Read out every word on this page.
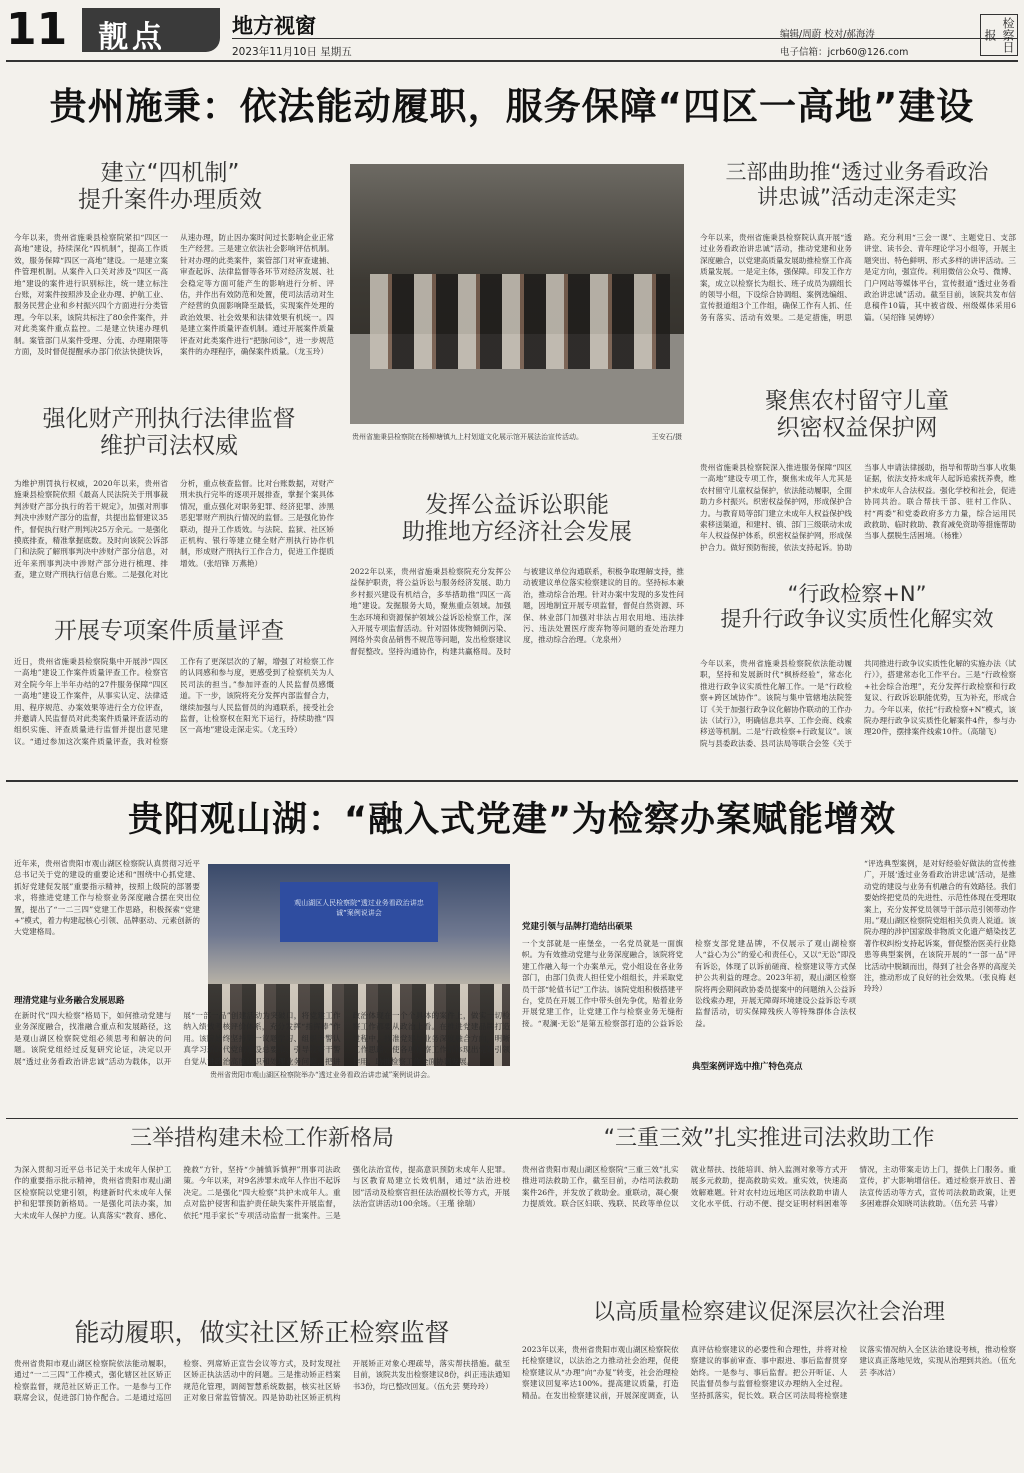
11	靓点	地方视窗
2023年11月10日 星期五
编辑/周蔚 校对/郝海涛
电子信箱：jcrb60@126.com	检察日报
贵州施秉：依法能动履职，服务保障“四区一高地”建设
建立“四机制”
提升案件办理质效
今年以来，贵州省施秉县检察院紧扣“四区一高地”建设，持续深化“四机制”，提高工作质效，服务保障“四区一高地”建设。一是建立案件管理机制。从案件入口关对涉及“四区一高地”建设的案件进行识别标注，统一建立标注台账，对案件按照涉及企业办理、护航工业、服务民营企业和乡村振兴四个方面进行分类管理。今年以来，该院共标注了80余件案件，并对此类案件重点监控。二是建立快速办理机制。案管部门从案件受理、分流、办理期限等方面，及时督促提醒承办部门依法快捷快诉，从速办理，防止因办案时间过长影响企业正常生产经营。三是建立依法社会影响评估机制。针对办理的此类案件，案管部门对审查逮捕、审查起诉、法律监督等各环节对经济发展、社会稳定等方面可能产生的影响进行分析、评估，并作出有效防范和处置，使司法活动对生产经营的负面影响降至最低，实现案件处理的政治效果、社会效果和法律效果有机统一。四是建立案件质量评查机制。通过开展案件质量评查对此类案件进行“把脉问诊”，进一步规范案件的办理程序，确保案件质量。（龙玉玲）
强化财产刑执行法律监督
维护司法权威
为维护刑罚执行权威，2020年以来，贵州省施秉县检察院依照《最高人民法院关于刑事裁判涉财产部分执行的若干规定》，加强对刑事判决中涉财产部分的监督，共提出监督建议35件，督促执行财产刑判决25万余元。一是强化摸底排查，精准掌握底数。及时向该院公诉部门和法院了解刑事判决中涉财产部分信息，对近年来刑事判决中涉财产部分进行梳理、排查，建立财产刑执行信息台账。二是强化对比分析，重点核查监督。比对台账数据，对财产刑未执行完毕的逐项开展排查，掌握个案具体情况，重点强化对职务犯罪、经济犯罪、涉黑恶犯罪财产刑执行情况的监督。三是强化协作联动，提升工作质效。与法院、监狱、社区矫正机构、银行等建立健全财产刑执行协作机制，形成财产刑执行工作合力，促进工作提质增效。（张绍锋 万燕艳）
开展专项案件质量评查
近日，贵州省施秉县检察院集中开展涉“四区一高地”建设工作案件质量评查工作。检察官对全院今年上半年办结的27件服务保障“四区一高地”建设工作案件，从事实认定、法律适用、程序规范、办案效果等进行全方位评查，并邀请人民监督员对此类案件质量评查活动的组织实施、评查质量进行监督并提出意见建议。“通过参加这次案件质量评查，我对检察工作有了更深层次的了解，增强了对检察工作的认同感和参与度，更感受到了检察机关为人民司法的担当。”参加评查的人民监督员感慨道。下一步，该院将充分发挥内部监督合力，继续加强与人民监督员的沟通联系，接受社会监督，让检察权在阳光下运行，持续助推“四区一高地”建设走深走实。（龙玉玲）
贵州省施秉县检察院在杨柳塘镇九上村划道文化展示馆开展法治宣传活动。	王安石/摄
发挥公益诉讼职能
助推地方经济社会发展
2022年以来，贵州省施秉县检察院充分发挥公益保护职责，将公益诉讼与服务经济发展、助力乡村振兴建设有机结合，多举措助推“四区一高地”建设。发掘服务大局，聚焦重点领域。加强生态环境和资源保护领域公益诉讼检察工作，深入开展专项监督活动。针对固体废物倾倒污染、网络外卖食品销售不规范等问题，发出检察建议督促整改。坚持沟通协作，构建共赢格局。及时与被建议单位沟通联系，积极争取理解支持，推动被建议单位落实检察建议的目的。坚持标本兼治，推动综合治理。针对办案中发现的多发性问题，因地制宜开展专项监督，督促自然资源、环保、林业部门加强对非法占用农用地、违法排污、违法处置医疗废弃物等问题的查处治理力度，推动综合治理。（龙泉州）
三部曲助推“透过业务看政治
讲忠诚”活动走深走实
今年以来，贵州省施秉县检察院认真开展“透过业务看政治讲忠诚”活动，推动党建和业务深度融合，以党建高质量发展助推检察工作高质量发展。一是定主体，强保障。印发工作方案，成立以检察长为组长、班子成员为副组长的领导小组，下设综合协调组、案例选编组、宣传报道组3个工作组，确保工作有人抓、任务有落实、活动有效果。二是定措施，明思路。充分利用“三会一课”、主题党日、支部讲堂、读书会、青年理论学习小组等，开展主题突出、特色鲜明、形式多样的讲评活动。三是定方向，强宣传。利用微信公众号、微博、门户网站等媒体平台，宣传报道“透过业务看政治讲忠诚”活动。截至目前，该院共发布信息稿件10篇，其中被省级、州级媒体采用6篇。（吴绍锋 吴娉婷）
聚焦农村留守儿童
织密权益保护网
贵州省施秉县检察院深入推进服务保障“四区一高地”建设专项工作，聚焦未成年人尤其是农村留守儿童权益保护，依法能动履职，全面助力乡村振兴。织密权益保护网，形成保护合力。与教育局等部门建立未成年人权益保护线索移送渠道，和建村、镇、部门三级联动未成年人权益保护体系，织密权益保护网，形成保护合力。做好预防衔接，依法支持起诉。协助当事人申请法律援助，指导和帮助当事人收集证据，依法支持未成年人起诉追索抚养费，维护未成年人合法权益。强化学校和社会，促进协同共治。联合帮扶干部、驻村工作队、村“两委”和党委政府多方力量，综合运用民政救助、临时救助、教育减免资助等措施帮助当事人摆脱生活困境。（杨雅）
“行政检察+N”
提升行政争议实质性化解实效
今年以来，贵州省施秉县检察院依法能动履职，坚持和发展新时代“枫桥经验”，常态化推进行政争议实质性化解工作。一是“行政检察+跨区域协作”。该院与集中管辖地法院签订《关于加强行政争议化解协作联动的工作办法（试行）》，明确信息共享、工作会商、线索移送等机制。二是“行政检察+行政复议”。该院与县委政法委、县司法局等联合会签《关于共同推进行政争议实质性化解的实施办法（试行）》，搭建常态化工作平台。三是“行政检察+社会综合治理”，充分发挥行政检察和行政复议、行政诉讼职能优势，互为补充，形成合力。今年以来，依托“行政检察+N”模式，该院办理行政争议实质性化解案件4件，参与办理20件，摆排案件线索10件。（高瑞飞）
贵阳观山湖：“融入式党建”为检察办案赋能增效
近年来，贵州省贵阳市观山湖区检察院认真贯彻习近平总书记关于党的建设的重要论述和“围绕中心抓党建、抓好党建促发展”重要指示精神，按照上级院的部署要求，将推进党建工作与检察业务深度融合摆在突出位置，提出了“一二三四”党建工作思路，积极探索“党建+”模式，着力构建起核心引领、品牌驱动、元素创新的大党建格局。
理清党建与业务融合发展思路
观山湖区人民检察院“透过业务看政治讲忠诚”案例说讲会
贵州省贵阳市观山湖区检察院举办“透过业务看政治讲忠诚”案例说讲会。
在新时代“四大检察”格局下，如何推动党建与业务深度融合，找准融合重点和发展路径，这是观山湖区检察院党组必须思考和解决的问题。该院党组经过反复研究论证，决定以开展“透过业务看政治讲忠诚”活动为载体，以开展“一部一品”创建活动为突破口，将党建工作纳入绩效考核评价体系，充分发挥“指挥棒”作用。该院始终坚持第一议题学习、组织干警认真学习新时代党的建设总要求，引导检察干警自觉从讲政治高度认识和处理业务问题，把讲政治体现在一个个具体的案件上，做实一切检察工作都要从政治上看。在推进党建品牌打造过程中，找准党建与业务深度融合方向，明晰工作思路，使各项检察工作都体现出党建引领作用，助推检察工作全面协调发展。
党建引领与品牌打造结出硕果
一个支部就是一座堡垒，一名党员就是一面旗帜。为有效推动党建与业务深度融合，该院将党建工作融入每一个办案单元，党小组设在各业务部门，由部门负责人担任党小组组长，并采取党员干部“轮值书记”工作法。该院党组积极搭建平台，党员在开展工作中带头创先争优，贴着业务开展党建工作，让党建工作与检察业务无缝衔接。“观澜·无讼”是第五检察部打造的公益诉讼检察支部党建品牌，不仅展示了观山湖检察人“益心为公”的爱心和责任心，又以“无讼”即没有诉讼，体现了以诉前磋商、检察建议等方式保护公共利益的理念。2023年初，观山湖区检察院将两会期间政协委员提案中的问题纳入公益诉讼线索办理，开展无障碍环境建设公益诉讼专项监督活动，切实保障残疾人等特殊群体合法权益。
典型案例评选中推广特色亮点
“评选典型案例，是对好经验好做法的宣传推广，开展‘透过业务看政治讲忠诚’活动，是推动党的建设与业务有机融合的有效路径。我们要始终把党员的先进性、示范性体现在受理取案上，充分发挥党员领导干部示范引领带动作用。”观山湖区检察院党组相关负责人说道。该院办理的涉护国家级非物质文化遗产蜡染技艺著作权纠纷支持起诉案，督促整治医美行业隐患等典型案例，在该院开展的“一部一品”评比活动中脱颖而出，得到了社会各界的高度关注，推动形成了良好的社会效果。（张良梅 赵玲玲）
三举措构建未检工作新格局
为深入贯彻习近平总书记关于未成年人保护工作的重要指示批示精神，贵州省贵阳市观山湖区检察院以党建引领，构建新时代未成年人保护和犯罪预防新格局。一是强化司法办案，加大未成年人保护力度。认真落实“教育、感化、挽救”方针，坚持“少捕慎诉慎押”刑事司法政策。今年以来，对9名涉罪未成年人作出不起诉决定。二是强化“四大检察”共护未成年人。重点对监护侵害和监护责任缺失案件开展监督，依托“甩手家长”专项活动监督一批案件。三是强化法治宣传，提高意识预防未成年人犯罪。与区教育局建立长效机制，通过“法治进校园”活动及检察官担任法治副校长等方式，开展法治宣讲活动100余场。（王瑾 徐瑞）
“三重三效”扎实推进司法救助工作
贵州省贵阳市观山湖区检察院“三重三效”扎实推进司法救助工作，截至目前，办结司法救助案件26件，并发放了救助金。重联动，凝心聚力提质效。联合区妇联、残联、民政等单位以就业帮扶、技能培训、纳入监测对象等方式开展多元救助，提高救助实效。重实效，快速高效解难题。针对农村边远地区司法救助申请人文化水平低、行动不便、提交证明材料困难等情况，主动带案走访上门，提供上门服务。重宣传，扩大影响增信任。通过检察开放日、普法宣传活动等方式，宣传司法救助政策，让更多困难群众知晓司法救助。（伍允芸 马睿）
能动履职，做实社区矫正检察监督
贵州省贵阳市观山湖区检察院依法能动履职，通过“一二三四”工作模式，强化辖区社区矫正检察监督，规范社区矫正工作。一是参与工作联席会议，促进部门协作配合。二是通过巡回检察、列席矫正宣告会议等方式，及时发现社区矫正执法活动中的问题。三是推动矫正档案规范化管理，调阅智慧系统数据，核实社区矫正对象日常监管情况。四是协助社区矫正机构开展矫正对象心理疏导，落实帮扶措施。截至目前，该院共发出检察建议8份，纠正违法通知书3份，均已整改回复。（伍允芸 樊玲玲）
以高质量检察建议促深层次社会治理
2023年以来，贵州省贵阳市观山湖区检察院依托检察建议，以法治之力推动社会治理，促使检察建议从“办理”向“办复”转变，社会治理检察建议回复率达100%。提高建议质量，打造精品。在发出检察建议前，开展深度调查，认真评估检察建议的必要性和合理性，并将对检察建议的事前审查、事中跟进、事后监督贯穿始终。一是参与、事后监督。把公开听证、人民监督员参与监督检察建议办理纳入全过程。坚持抓落实，促长效。联合区司法局将检察建议落实情况纳入全区法治建设考核，推动检察建议真正落地见效，实现从治理到共治。（伍允芸 李冰洁）
